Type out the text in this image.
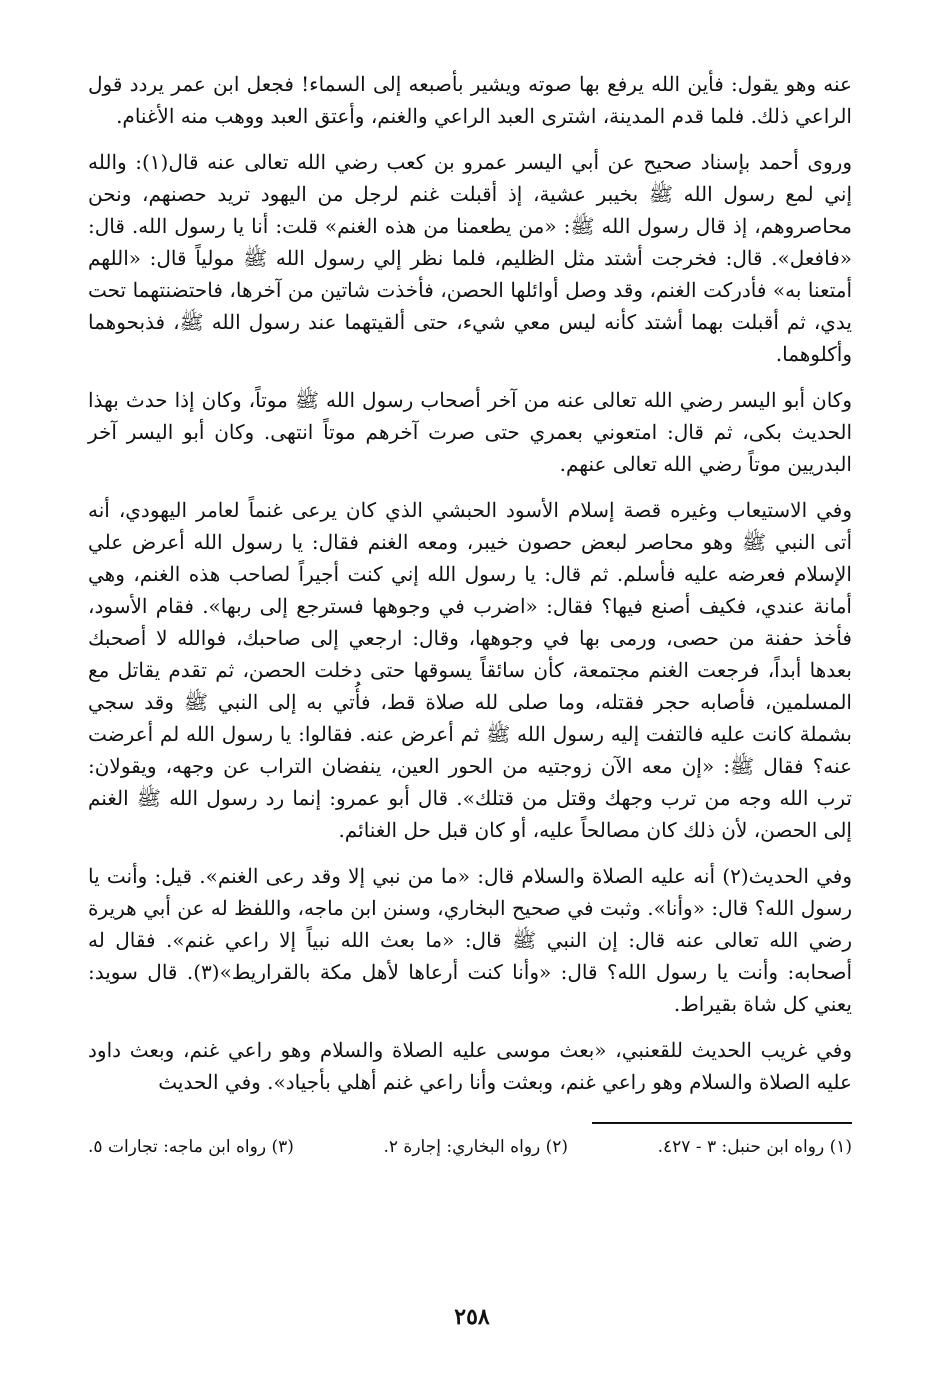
عنه وهو يقول: فأين الله يرفع بها صوته ويشير بأصبعه إلى السماء! فجعل ابن عمر يردد قول الراعي ذلك. فلما قدم المدينة، اشترى العبد الراعي والغنم، وأعتق العبد ووهب منه الأغنام.

وروى أحمد بإسناد صحيح عن أبي اليسر عمرو بن كعب رضي الله تعالى عنه قال(١): والله إني لمع رسول الله ﷺ بخيبر عشية، إذ أقبلت غنم لرجل من اليهود تريد حصنهم، ونحن محاصروهم، إذ قال رسول الله ﷺ: «من يطعمنا من هذه الغنم» قلت: أنا يا رسول الله. قال: «فافعل». قال: فخرجت أشتد مثل الظليم، فلما نظر إلي رسول الله ﷺ مولياً قال: «اللهم أمتعنا به» فأدركت الغنم، وقد وصل أوائلها الحصن، فأخذت شاتين من آخرها، فاحتضنتهما تحت يدي، ثم أقبلت بهما أشتد كأنه ليس معي شيء، حتى ألقيتهما عند رسول الله ﷺ، فذبحوهما وأكلوهما.

وكان أبو اليسر رضي الله تعالى عنه من آخر أصحاب رسول الله ﷺ موتاً، وكان إذا حدث بهذا الحديث بكى، ثم قال: امتعوني بعمري حتى صرت آخرهم موتاً انتهى. وكان أبو اليسر آخر البدريين موتاً رضي الله تعالى عنهم.

وفي الاستيعاب وغيره قصة إسلام الأسود الحبشي الذي كان يرعى غنماً لعامر اليهودي، أنه أتى النبي ﷺ وهو محاصر لبعض حصون خيبر، ومعه الغنم فقال: يا رسول الله أعرض علي الإسلام فعرضه عليه فأسلم. ثم قال: يا رسول الله إني كنت أجيراً لصاحب هذه الغنم، وهي أمانة عندي، فكيف أصنع فيها؟ فقال: «اضرب في وجوهها فسترجع إلى ربها». فقام الأسود، فأخذ حفنة من حصى، ورمى بها في وجوهها، وقال: ارجعي إلى صاحبك، فوالله لا أصحبك بعدها أبداً، فرجعت الغنم مجتمعة، كأن سائقاً يسوقها حتى دخلت الحصن، ثم تقدم يقاتل مع المسلمين، فأصابه حجر فقتله، وما صلى لله صلاة قط، فأُتي به إلى النبي ﷺ وقد سجي بشملة كانت عليه فالتفت إليه رسول الله ﷺ ثم أعرض عنه. فقالوا: يا رسول الله لم أعرضت عنه؟ فقال ﷺ: «إن معه الآن زوجتيه من الحور العين، ينفضان التراب عن وجهه، ويقولان: ترب الله وجه من ترب وجهك وقتل من قتلك». قال أبو عمرو: إنما رد رسول الله ﷺ الغنم إلى الحصن، لأن ذلك كان مصالحاً عليه، أو كان قبل حل الغنائم.

وفي الحديث(٢) أنه عليه الصلاة والسلام قال: «ما من نبي إلا وقد رعى الغنم». قيل: وأنت يا رسول الله؟ قال: «وأنا». وثبت في صحيح البخاري، وسنن ابن ماجه، واللفظ له عن أبي هريرة رضي الله تعالى عنه قال: إن النبي ﷺ قال: «ما بعث الله نبياً إلا راعي غنم». فقال له أصحابه: وأنت يا رسول الله؟ قال: «وأنا كنت أرعاها لأهل مكة بالقراريط»(٣). قال سويد: يعني كل شاة بقيراط.

وفي غريب الحديث للقعنبي، «بعث موسى عليه الصلاة والسلام وهو راعي غنم، وبعث داود عليه الصلاة والسلام وهو راعي غنم، وبعثت وأنا راعي غنم أهلي بأجياد». وفي الحديث

(١) رواه ابن حنبل: ٣ - ٤٢٧.
(٢) رواه البخاري: إجارة ٢.
(٣) رواه ابن ماجه: تجارات ٥.
٢٥٨
